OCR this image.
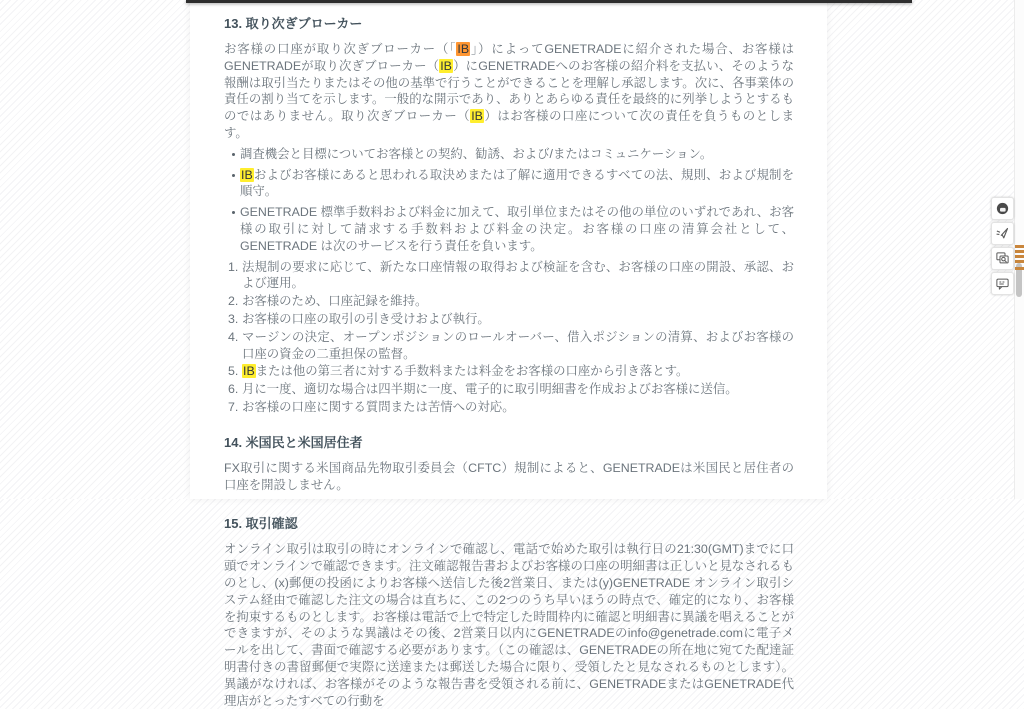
13. 取り次ぎブローカー

お客様の口座が取り次ぎブローカー（「IB」）によってGENETRADEに紹介された場合、お客様はGENETRADEが取り次ぎブローカー（IB）にGENETRADEへのお客様の紹介料を支払い、そのような報酬は取引当たりまたはその他の基準で行うことができることを理解し承認します。次に、各事業体の責任の割り当てを示します。一般的な開示であり、ありとあらゆる責任を最終的に列挙しようとするものではありません。取り次ぎブローカー（IB）はお客様の口座について次の責任を負うものとします。

調査機会と目標についてお客様との契約、勧誘、および/またはコミュニケーション。
IBおよびお客様にあると思われる取決めまたは了解に適用できるすべての法、規則、および規制を順守。
GENETRADE 標準手数料および料金に加えて、取引単位またはその他の単位のいずれであれ、お客様の取引に対して請求する手数料および料金の決定。お客様の口座の清算会社として、GENETRADE は次のサービスを行う責任を負います。
法規制の要求に応じて、新たな口座情報の取得および検証を含む、お客様の口座の開設、承認、および運用。
お客様のため、口座記録を維持。
お客様の口座の取引の引き受けおよび執行。
マージンの決定、オープンポジションのロールオーバー、借入ポジションの清算、およびお客様の口座の資金の二重担保の監督。
IBまたは他の第三者に対する手数料または料金をお客様の口座から引き落とす。
月に一度、適切な場合は四半期に一度、電子的に取引明細書を作成およびお客様に送信。
お客様の口座に関する質問または苦情への対応。
14. 米国民と米国居住者

FX取引に関する米国商品先物取引委員会（CFTC）規制によると、GENETRADEは米国民と居住者の口座を開設しません。

15. 取引確認

オンライン取引は取引の時にオンラインで確認し、電話で始めた取引は執行日の21:30(GMT)までに口頭でオンラインで確認できます。注文確認報告書およびお客様の口座の明細書は正しいと見なされるものとし、(x)郵便の投函によりお客様へ送信した後2営業日、または(y)GENETRADE オンライン取引システム経由で確認した注文の場合は直ちに、この2つのうち早いほうの時点で、確定的になり、お客様を拘束するものとします。お客様は電話で上で特定した時間枠内に確認と明細書に異議を唱えることができますが、そのような異議はその後、2営業日以内にGENETRADEのinfo@genetrade.comに電子メールを出して、書面で確認する必要があります。（この確認は、GENETRADEの所在地に宛てた配達証明書付きの書留郵便で実際に送達または郵送した場合に限り、受領したと見なされるものとします）。異議がなければ、お客様がそのような報告書を受領される前に、GENETRADEまたはGENETRADE代理店がとったすべての行動を
